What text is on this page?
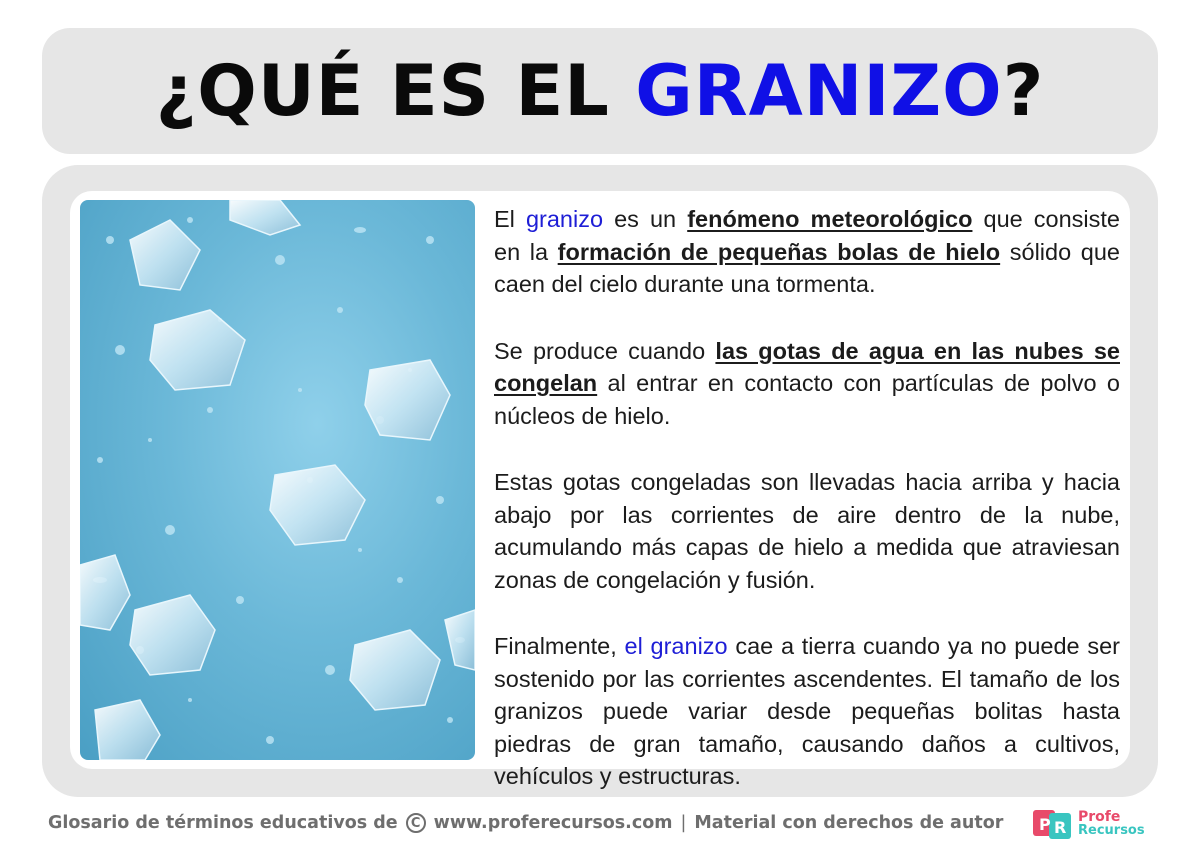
¿QUÉ ES EL GRANIZO?

El granizo es un fenómeno meteorológico que consiste en la formación de pequeñas bolas de hielo sólido que caen del cielo durante una tormenta.

Se produce cuando las gotas de agua en las nubes se congelan al entrar en contacto con partículas de polvo o núcleos de hielo.

Estas gotas congeladas son llevadas hacia arriba y hacia abajo por las corrientes de aire dentro de la nube, acumulando más capas de hielo a medida que atraviesan zonas de congelación y fusión.

Finalmente, el granizo cae a tierra cuando ya no puede ser sostenido por las corrientes ascendentes. El tamaño de los granizos puede variar desde pequeñas bolitas hasta piedras de gran tamaño, causando daños a cultivos, vehículos y estructuras.

Glosario de términos educativos de	C www.proferecursos.com | Material con derechos de autor P R
Profe
Recursos
